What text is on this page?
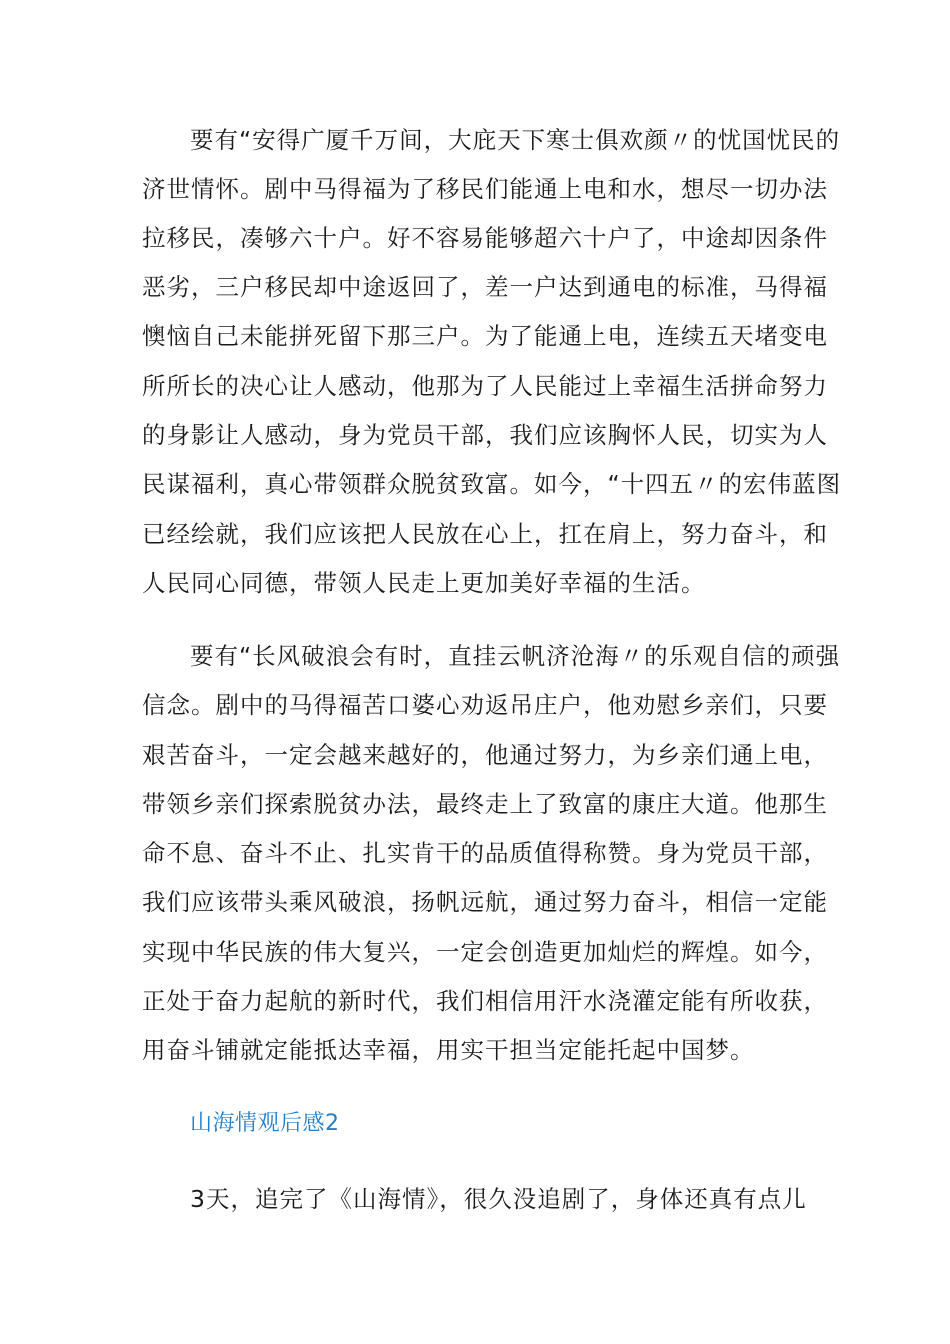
要有“安得广厦千万间，大庇天下寒士俱欢颜〃的忧国忧民的
济世情怀。剧中马得福为了移民们能通上电和水，想尽一切办法
拉移民，凑够六十户。好不容易能够超六十户了，中途却因条件
恶劣，三户移民却中途返回了，差一户达到通电的标准，马得福
懊恼自己未能拼死留下那三户。为了能通上电，连续五天堵变电
所所长的决心让人感动，他那为了人民能过上幸福生活拼命努力
的身影让人感动，身为党员干部，我们应该胸怀人民，切实为人
民谋福利，真心带领群众脱贫致富。如今，“十四五〃的宏伟蓝图
已经绘就，我们应该把人民放在心上，扛在肩上，努力奋斗，和
人民同心同德，带领人民走上更加美好幸福的生活。
要有“长风破浪会有时，直挂云帆济沧海〃的乐观自信的顽强
信念。剧中的马得福苦口婆心劝返吊庄户，他劝慰乡亲们，只要
艰苦奋斗，一定会越来越好的，他通过努力，为乡亲们通上电，
带领乡亲们探索脱贫办法，最终走上了致富的康庄大道。他那生
命不息、奋斗不止、扎实肯干的品质值得称赞。身为党员干部，
我们应该带头乘风破浪，扬帆远航，通过努力奋斗，相信一定能
实现中华民族的伟大复兴，一定会创造更加灿烂的辉煌。如今，
正处于奋力起航的新时代，我们相信用汗水浇灌定能有所收获，
用奋斗铺就定能抵达幸福，用实干担当定能托起中国梦。
山海情观后感2
3天，追完了《山海情》，很久没追剧了，身体还真有点儿
